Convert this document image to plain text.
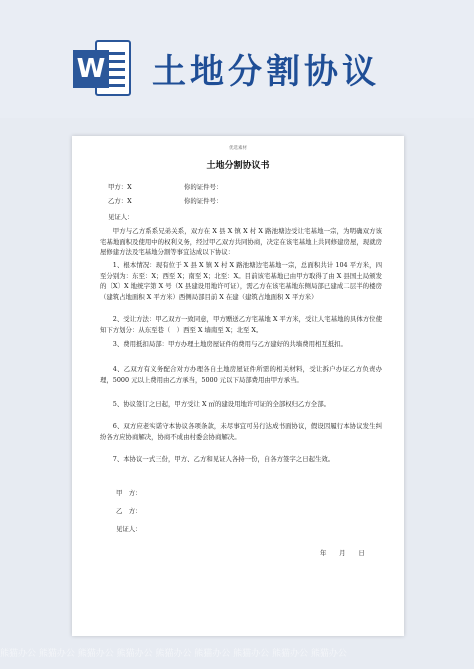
W 土地分割协议
优选素材
土地分割协议书
甲方：X	你的证件号：
乙方：X	你的证件号：
见证人：
甲方与乙方系系兄弟关系，双方在 X 县 X 镇 X 村 X 路池塘边受让宅基地一宗，为明确双方该宅基地面积及使用中的权利义务，经过甲乙双方共同协商，决定在该宅基地上共同修建房屋，现就房屋修建方法及宅基地分割等事宜达成以下协议：
1、根本情况：现有位于 X 县 X 镇 X 村 X 路池塘边宅基地一宗，总面积共计 104 平方米，四至分别为：东至：X；西至 X；南至 X；北至：X。目前该宅基地已由甲方取得了由 X 县国土局颁发的〔X〕X 地统字第 X 号（X 县建设用地许可证），需乙方在该宅基地东侧局部已建成二层半的楼房（建筑占地面积 X 平方米）西侧局部目前 X 在建（建筑占地面积 X 平方米）
2、受让方法：甲乙双方一致同意，甲方赠送乙方宅基地 X 平方米，受让人宅基地的具体方位使知下方划分：从东至巷（　）西至 X 墙南至 X；北至 X。
3、费用抵扣局部：甲方办理土地房屋证件的费用与乙方建好的共墙费用相互抵扣。
4、乙双方有义务配合对方办理各自土地房屋证件所需的相关材料，受让拆户办证乙方负责办理，5000 元以上费用由乙方承当，5000 元以下局部费用由甲方承当。
5、协议签订之日起，甲方受让 X ㎡的建设用地许可证的全部权归乙方全部。
6、双方应老实诺守本协议各项条款，未尽事宜可另行达成书面协议，假设因履行本协议发生纠纷各方应协商解决，协商不成由村委会协商解决。
7、本协议一式三份，甲方、乙方和见证人各持一份，自各方签字之日起生效。
甲　方：
乙　方：
见证人：
年　　月　　日
熊猫办公 熊猫办公 熊猫办公 熊猫办公 熊猫办公 熊猫办公 熊猫办公 熊猫办公 熊猫办公
